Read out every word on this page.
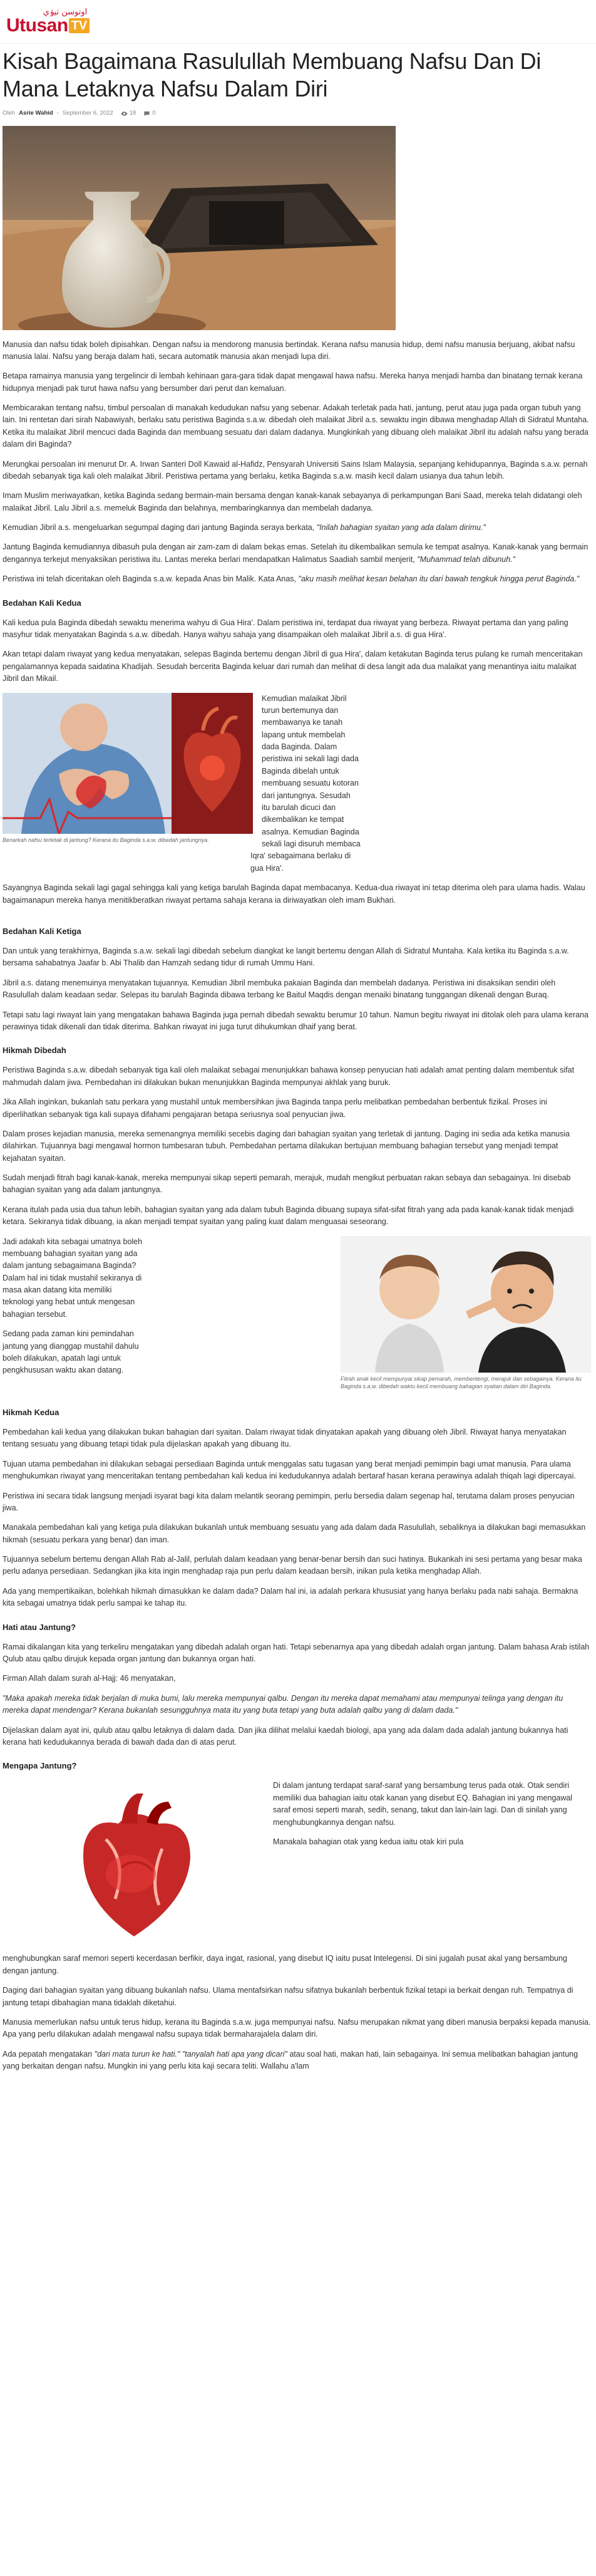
اوتوسن تيۏي
Utusan TV
Kisah Bagaimana Rasulullah Membuang Nafsu Dan Di Mana Letaknya Nafsu Dalam Diri
Oleh Asrie Wahid - September 6, 2022	18	0

Manusia dan nafsu tidak boleh dipisahkan. Dengan nafsu ia mendorong manusia bertindak. Kerana nafsu manusia hidup, demi nafsu manusia berjuang, akibat nafsu manusia lalai. Nafsu yang beraja dalam hati, secara automatik manusia akan menjadi lupa diri.

Betapa ramainya manusia yang tergelincir di lembah kehinaan gara-gara tidak dapat mengawal hawa nafsu. Mereka hanya menjadi hamba dan binatang ternak kerana hidupnya menjadi pak turut hawa nafsu yang bersumber dari perut dan kemaluan.

Membicarakan tentang nafsu, timbul persoalan di manakah kedudukan nafsu yang sebenar. Adakah terletak pada hati, jantung, perut atau juga pada organ tubuh yang lain. Ini rentetan dari sirah Nabawiyah, berlaku satu peristiwa Baginda s.a.w. dibedah oleh malaikat Jibril a.s. sewaktu ingin dibawa menghadap Allah di Sidratul Muntaha.

Ketika itu malaikat Jibril mencuci dada Baginda dan membuang sesuatu dari dalam dadanya. Mungkinkah yang dibuang oleh malaikat Jibril itu adalah nafsu yang berada dalam diri Baginda?

Merungkai persoalan ini menurut Dr. A. Irwan Santeri Doll Kawaid al-Hafidz, Pensyarah Universiti Sains Islam Malaysia, sepanjang kehidupannya, Baginda s.a.w. pernah dibedah sebanyak tiga kali oleh malaikat Jibril. Peristiwa pertama yang berlaku, ketika Baginda s.a.w. masih kecil dalam usianya dua tahun lebih.

Imam Muslim meriwayatkan, ketika Baginda sedang bermain-main bersama dengan kanak-kanak sebayanya di perkampungan Bani Saad, mereka telah didatangi oleh malaikat Jibril. Lalu Jibril a.s. memeluk Baginda dan belahnya, membaringkannya dan membelah dadanya.

Kemudian Jibril a.s. mengeluarkan segumpal daging dari jantung Baginda seraya berkata, "Inilah bahagian syaitan yang ada dalam dirimu."

Jantung Baginda kemudiannya dibasuh pula dengan air zam-zam di dalam bekas emas. Setelah itu dikembalikan semula ke tempat asalnya. Kanak-kanak yang bermain dengannya terkejut menyaksikan peristiwa itu. Lantas mereka berlari mendapatkan Halimatus Saadiah sambil menjerit, "Muhammad telah dibunuh."

Peristiwa ini telah diceritakan oleh Baginda s.a.w. kepada Anas bin Malik. Kata Anas, "aku masih melihat kesan belahan itu dari bawah tengkuk hingga perut Baginda."

Bedahan Kali Kedua

Kali kedua pula Baginda dibedah sewaktu menerima wahyu di Gua Hira'. Dalam peristiwa ini, terdapat dua riwayat yang berbeza. Riwayat pertama dan yang paling masyhur tidak menyatakan Baginda s.a.w. dibedah. Hanya wahyu sahaja yang disampaikan oleh malaikat Jibril a.s. di gua Hira'.

Akan tetapi dalam riwayat yang kedua menyatakan, selepas Baginda bertemu dengan Jibril di gua Hira', dalam ketakutan Baginda terus pulang ke rumah menceritakan pengalamannya kepada saidatina Khadijah. Sesudah bercerita Baginda keluar dari rumah dan melihat di desa langit ada dua malaikat yang menantinya iaitu malaikat Jibril dan Mikail.

Benarkah nafsu terletak di jantung? Kerana itu Baginda s.a.w. dibedah jantungnya.

Kemudian malaikat Jibril turun bertemunya dan membawanya ke tanah lapang untuk membelah dada Baginda. Dalam peristiwa ini sekali lagi dada Baginda dibelah untuk membuang sesuatu kotoran dari jantungnya. Sesudah itu barulah dicuci dan dikembalikan ke tempat asalnya. Kemudian Baginda sekali lagi disuruh membaca Iqra' sebagaimana berlaku di gua Hira'.

Sayangnya Baginda sekali lagi gagal sehingga kali yang ketiga barulah Baginda dapat membacanya. Kedua-dua riwayat ini tetap diterima oleh para ulama hadis. Walau bagaimanapun mereka hanya menitikberatkan riwayat pertama sahaja kerana ia diriwayatkan oleh imam Bukhari.

Bedahan Kali Ketiga

Dan untuk yang terakhirnya, Baginda s.a.w. sekali lagi dibedah sebelum diangkat ke langit bertemu dengan Allah di Sidratul Muntaha. Kala ketika itu Baginda s.a.w. bersama sahabatnya Jaafar b. Abi Thalib dan Hamzah sedang tidur di rumah Ummu Hani.

Jibril a.s. datang menemuinya menyatakan tujuannya. Kemudian Jibril membuka pakaian Baginda dan membelah dadanya. Peristiwa ini disaksikan sendiri oleh Rasulullah dalam keadaan sedar. Selepas itu barulah Baginda dibawa terbang ke Baitul Maqdis dengan menaiki binatang tunggangan dikenali dengan Buraq.

Tetapi satu lagi riwayat lain yang mengatakan bahawa Baginda juga pernah dibedah sewaktu berumur 10 tahun. Namun begitu riwayat ini ditolak oleh para ulama kerana perawinya tidak dikenali dan tidak diterima. Bahkan riwayat ini juga turut dihukumkan dhaif yang berat.

Hikmah Dibedah

Peristiwa Baginda s.a.w. dibedah sebanyak tiga kali oleh malaikat sebagai menunjukkan bahawa konsep penyucian hati adalah amat penting dalam membentuk sifat mahmudah dalam jiwa. Pembedahan ini dilakukan bukan menunjukkan Baginda mempunyai akhlak yang buruk.

Jika Allah inginkan, bukanlah satu perkara yang mustahil untuk membersihkan jiwa Baginda tanpa perlu melibatkan pembedahan berbentuk fizikal. Proses ini diperlihatkan sebanyak tiga kali supaya difahami pengajaran betapa seriusnya soal penyucian jiwa.

Dalam proses kejadian manusia, mereka semenangnya memiliki secebis daging dari bahagian syaitan yang terletak di jantung. Daging ini sedia ada ketika manusia dilahirkan. Tujuannya bagi mengawal hormon tumbesaran tubuh. Pembedahan pertama dilakukan bertujuan membuang bahagian tersebut yang menjadi tempat kejahatan syaitan.

Sudah menjadi fitrah bagi kanak-kanak, mereka mempunyai sikap seperti pemarah, merajuk, mudah mengikut perbuatan rakan sebaya dan sebagainya. Ini disebab bahagian syaitan yang ada dalam jantungnya.

Kerana itulah pada usia dua tahun lebih, bahagian syaitan yang ada dalam tubuh Baginda dibuang supaya sifat-sifat fitrah yang ada pada kanak-kanak tidak menjadi ketara. Sekiranya tidak dibuang, ia akan menjadi tempat syaitan yang paling kuat dalam menguasai seseorang.

Fitrah anak kecil mempunyai sikap pemarah, membentengi, merajuk dan sebagainya. Kerana itu Baginda s.a.w. dibedah waktu kecil membuang bahagian syaitan dalam diri Baginda.

Jadi adakah kita sebagai umatnya boleh membuang bahagian syaitan yang ada dalam jantung sebagaimana Baginda? Dalam hal ini tidak mustahil sekiranya di masa akan datang kita memiliki teknologi yang hebat untuk mengesan bahagian tersebut.

Sedang pada zaman kini pemindahan jantung yang dianggap mustahil dahulu boleh dilakukan, apatah lagi untuk pengkhususan waktu akan datang.

Hikmah Kedua

Pembedahan kali kedua yang dilakukan bukan bahagian dari syaitan. Dalam riwayat tidak dinyatakan apakah yang dibuang oleh Jibril. Riwayat hanya menyatakan tentang sesuatu yang dibuang tetapi tidak pula dijelaskan apakah yang dibuang itu.

Tujuan utama pembedahan ini dilakukan sebagai persediaan Baginda untuk menggalas satu tugasan yang berat menjadi pemimpin bagi umat manusia. Para ulama menghukumkan riwayat yang menceritakan tentang pembedahan kali kedua ini kedudukannya adalah bertaraf hasan kerana perawinya adalah thiqah lagi dipercayai.

Peristiwa ini secara tidak langsung menjadi isyarat bagi kita dalam melantik seorang pemimpin, perlu bersedia dalam segenap hal, terutama dalam proses penyucian jiwa.

Manakala pembedahan kali yang ketiga pula dilakukan bukanlah untuk membuang sesuatu yang ada dalam dada Rasulullah, sebaliknya ia dilakukan bagi memasukkan hikmah (sesuatu perkara yang benar) dan iman.

Tujuannya sebelum bertemu dengan Allah Rab al-Jalil, perlulah dalam keadaan yang benar-benar bersih dan suci hatinya. Bukankah ini sesi pertama yang besar maka perlu adanya persediaan. Sedangkan jika kita ingin menghadap raja pun perlu dalam keadaan bersih, inikan pula ketika menghadap Allah.

Ada yang mempertikaikan, bolehkah hikmah dimasukkan ke dalam dada? Dalam hal ini, ia adalah perkara khususiat yang hanya berlaku pada nabi sahaja. Bermakna kita sebagai umatnya tidak perlu sampai ke tahap itu.

Hati atau Jantung?

Ramai dikalangan kita yang terkeliru mengatakan yang dibedah adalah organ hati. Tetapi sebenarnya apa yang dibedah adalah organ jantung. Dalam bahasa Arab istilah Qulub atau qalbu dirujuk kepada organ jantung dan bukannya organ hati.

Firman Allah dalam surah al-Hajj: 46 menyatakan,

"Maka apakah mereka tidak berjalan di muka bumi, lalu mereka mempunyai qalbu. Dengan itu mereka dapat memahami atau mempunyai telinga yang dengan itu mereka dapat mendengar? Kerana bukanlah sesungguhnya mata itu yang buta tetapi yang buta adalah qalbu yang di dalam dada."

Dijelaskan dalam ayat ini, qulub atau qalbu letaknya di dalam dada. Dan jika dilihat melalui kaedah biologi, apa yang ada dalam dada adalah jantung bukannya hati kerana hati kedudukannya berada di bawah dada dan di atas perut.

Mengapa Jantung?

Di dalam jantung terdapat saraf-saraf yang bersambung terus pada otak. Otak sendiri memiliki dua bahagian iaitu otak kanan yang disebut EQ. Bahagian ini yang mengawal saraf emosi seperti marah, sedih, senang, takut dan lain-lain lagi. Dan di sinilah yang menghubungkannya dengan nafsu.

Manakala bahagian otak yang kedua iaitu otak kiri pula

menghubungkan saraf memori seperti kecerdasan berfikir, daya ingat, rasional, yang disebut IQ iaitu pusat Intelegensi. Di sini jugalah pusat akal yang bersambung dengan jantung.

Daging dari bahagian syaitan yang dibuang bukanlah nafsu. Ulama mentafsirkan nafsu sifatnya bukanlah berbentuk fizikal tetapi ia berkait dengan ruh. Tempatnya di jantung tetapi dibahagian mana tidaklah diketahui.

Manusia memerlukan nafsu untuk terus hidup, kerana itu Baginda s.a.w. juga mempunyai nafsu. Nafsu merupakan nikmat yang diberi manusia berpaksi kepada manusia. Apa yang perlu dilakukan adalah mengawal nafsu supaya tidak bermaharajalela dalam diri.

Ada pepatah mengatakan "dari mata turun ke hati." "tanyalah hati apa yang dicari" atau soal hati, makan hati, lain sebagainya. Ini semua melibatkan bahagian jantung yang berkaitan dengan nafsu. Mungkin ini yang perlu kita kaji secara teliti. Wallahu a'lam
